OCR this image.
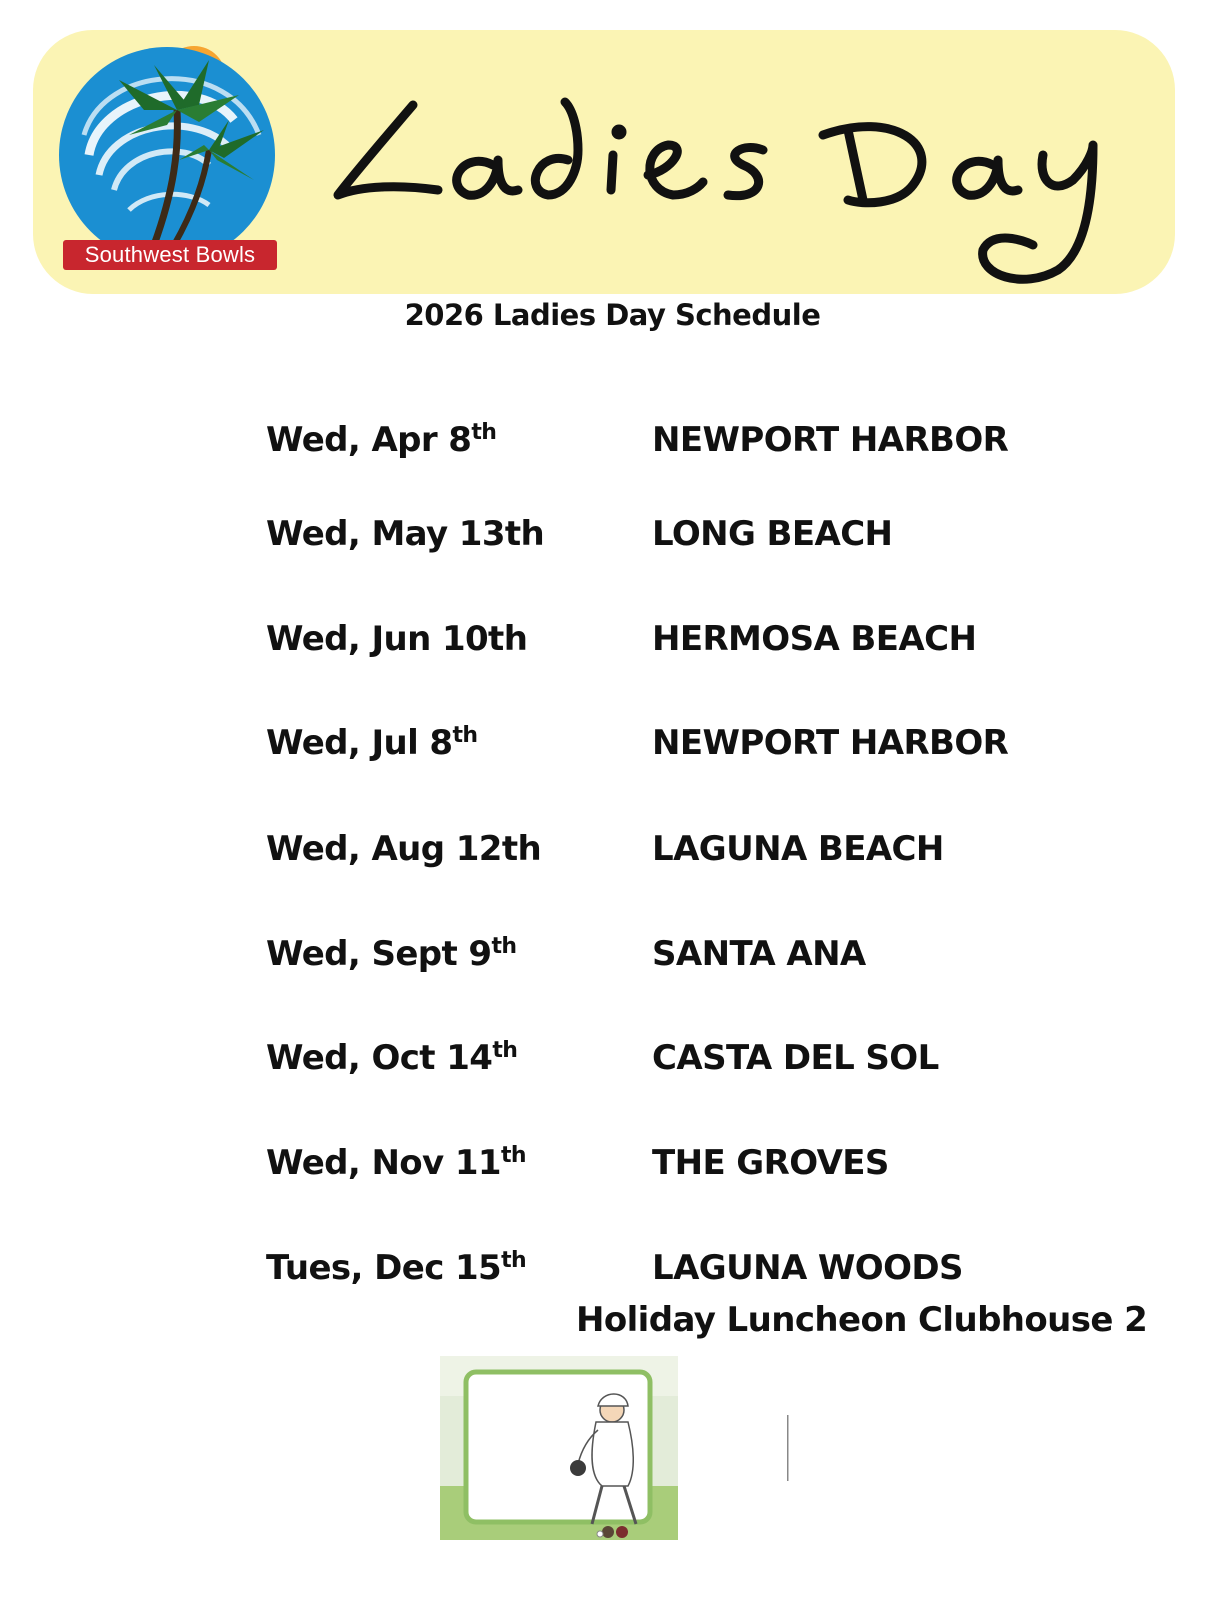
Southwest Bowls
2026 Ladies Day Schedule
Wed, Apr 8th	NEWPORT HARBOR
Wed, May 13th	LONG BEACH
Wed, Jun 10th	HERMOSA BEACH
Wed, Jul 8th	NEWPORT HARBOR
Wed, Aug 12th	LAGUNA BEACH
Wed, Sept 9th	SANTA ANA
Wed, Oct 14th	CASTA DEL SOL
Wed, Nov 11th	THE GROVES
Tues, Dec 15th	LAGUNA WOODS
Holiday Luncheon Clubhouse 2
